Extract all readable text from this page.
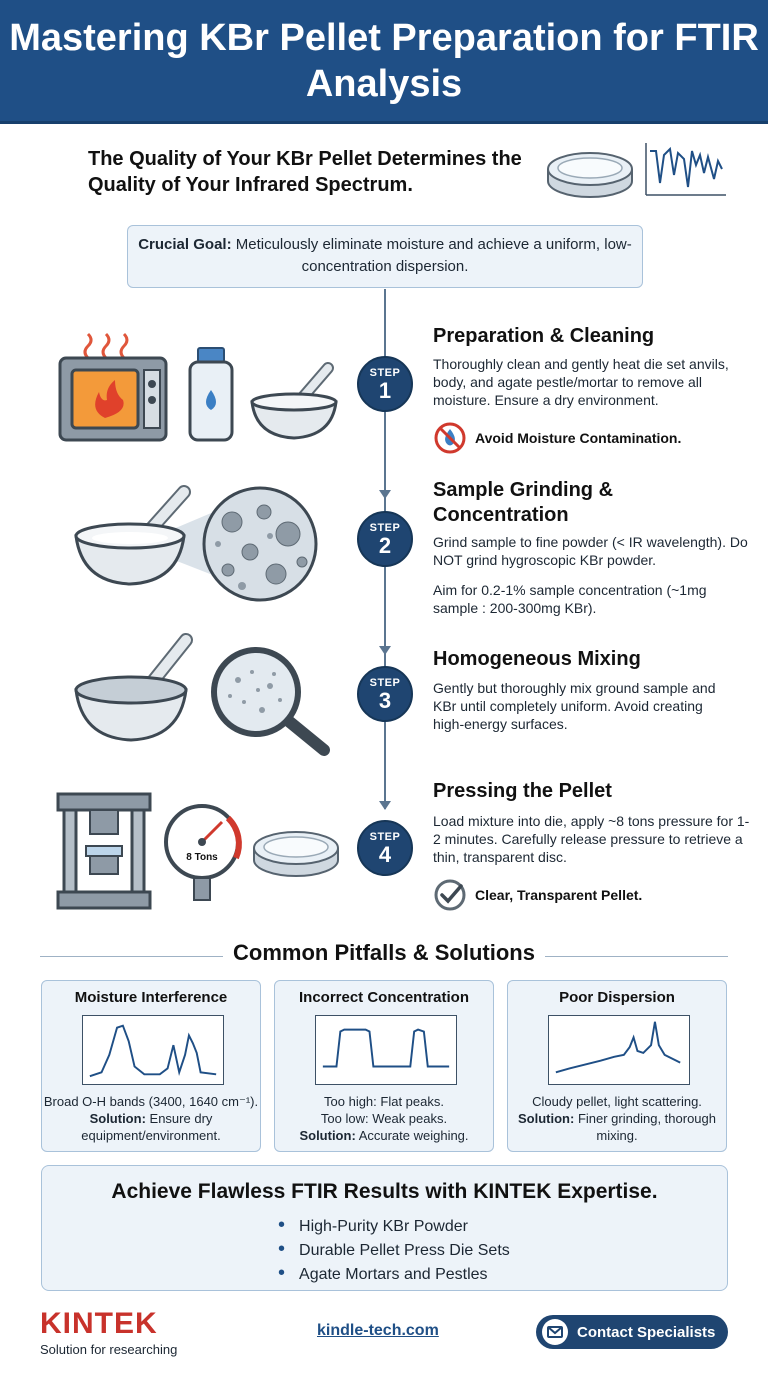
Mastering KBr Pellet Preparation for FTIR Analysis
The Quality of Your KBr Pellet Determines the Quality of Your Infrared Spectrum.
Crucial Goal: Meticulously eliminate moisture and achieve a uniform, low-concentration dispersion.
STEP
1
Preparation & Cleaning
Thoroughly clean and gently heat die set anvils, body, and agate pestle/mortar to remove all moisture. Ensure a dry environment.
Avoid Moisture Contamination.
STEP
2
Sample Grinding & Concentration
Grind sample to fine powder (< IR wavelength). Do NOT grind hygroscopic KBr powder.
Aim for 0.2-1% sample concentration (~1mg sample : 200-300mg KBr).
STEP
3
Homogeneous Mixing
Gently but thoroughly mix ground sample and KBr until completely uniform. Avoid creating high-energy surfaces.
8 Tons
STEP
4
Pressing the Pellet
Load mixture into die, apply ~8 tons pressure for 1-2 minutes. Carefully release pressure to retrieve a thin, transparent disc.
Clear, Transparent Pellet.
Common Pitfalls & Solutions
Moisture Interference
Broad O-H bands (3400, 1640 cm⁻¹).
Solution: Ensure dry equipment/environment.
Incorrect Concentration
Too high: Flat peaks.
Too low: Weak peaks.
Solution: Accurate weighing.
Poor Dispersion
Cloudy pellet, light scattering.
Solution: Finer grinding, thorough mixing.
Achieve Flawless FTIR Results with KINTEK Expertise.
• High-Purity KBr Powder
• Durable Pellet Press Die Sets
• Agate Mortars and Pestles
KINTEK
Solution for researching
kindle-tech.com	Contact Specialists
